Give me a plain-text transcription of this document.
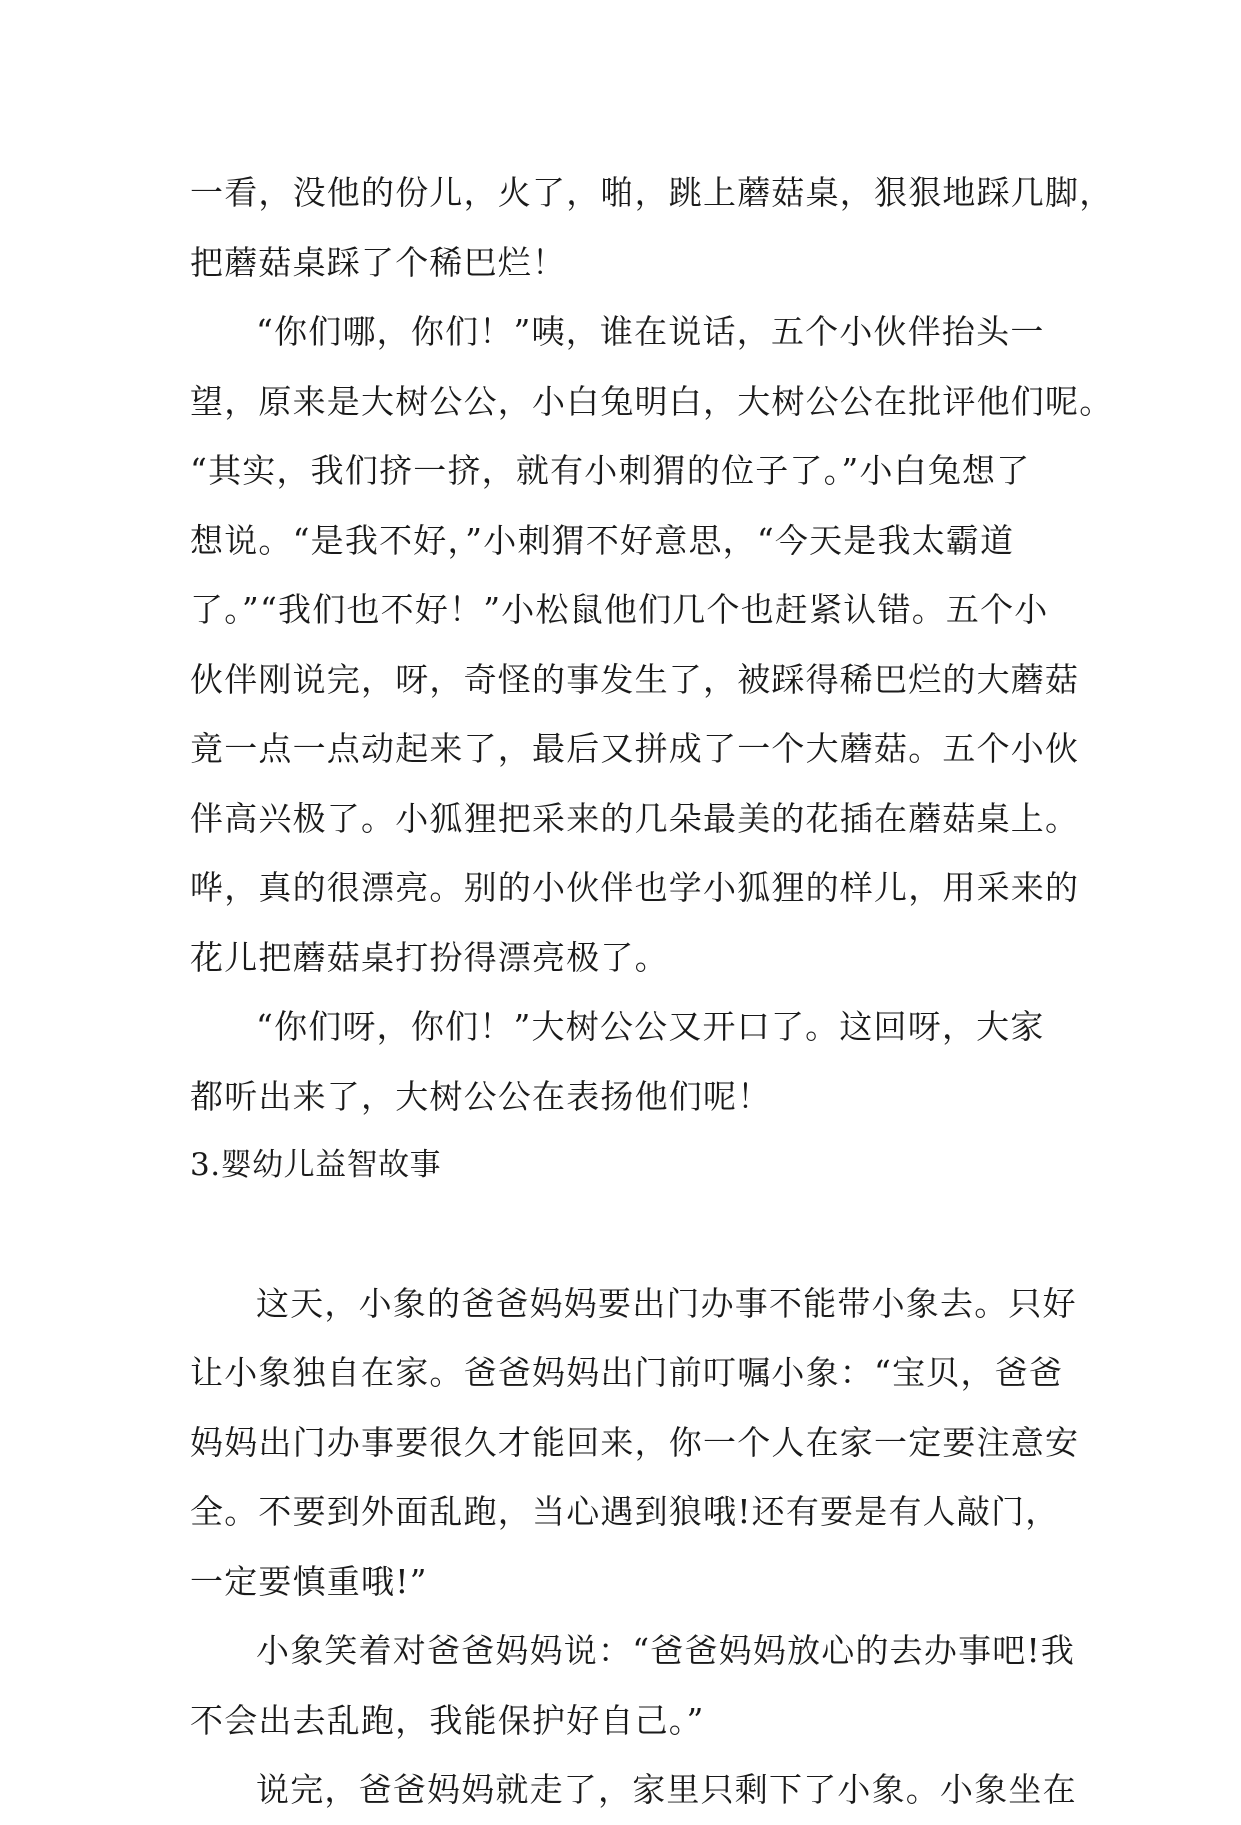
一看，没他的份儿，火了，啪，跳上蘑菇桌，狠狠地踩几脚，
把蘑菇桌踩了个稀巴烂！
“你们哪，你们！”咦，谁在说话，五个小伙伴抬头一
望，原来是大树公公，小白兔明白，大树公公在批评他们呢。
“其实，我们挤一挤，就有小刺猬的位子了。”小白兔想了
想说。“是我不好，”小刺猬不好意思，“今天是我太霸道
了。”“我们也不好！”小松鼠他们几个也赶紧认错。五个小
伙伴刚说完，呀，奇怪的事发生了，被踩得稀巴烂的大蘑菇
竟一点一点动起来了，最后又拼成了一个大蘑菇。五个小伙
伴高兴极了。小狐狸把采来的几朵最美的花插在蘑菇桌上。
哗，真的很漂亮。别的小伙伴也学小狐狸的样儿，用采来的
花儿把蘑菇桌打扮得漂亮极了。
“你们呀，你们！”大树公公又开口了。这回呀，大家
都听出来了，大树公公在表扬他们呢！
3.婴幼儿益智故事
这天，小象的爸爸妈妈要出门办事不能带小象去。只好
让小象独自在家。爸爸妈妈出门前叮嘱小象：“宝贝，爸爸
妈妈出门办事要很久才能回来，你一个人在家一定要注意安
全。不要到外面乱跑，当心遇到狼哦!还有要是有人敲门，
一定要慎重哦!”
小象笑着对爸爸妈妈说：“爸爸妈妈放心的去办事吧!我
不会出去乱跑，我能保护好自己。”
说完，爸爸妈妈就走了，家里只剩下了小象。小象坐在
